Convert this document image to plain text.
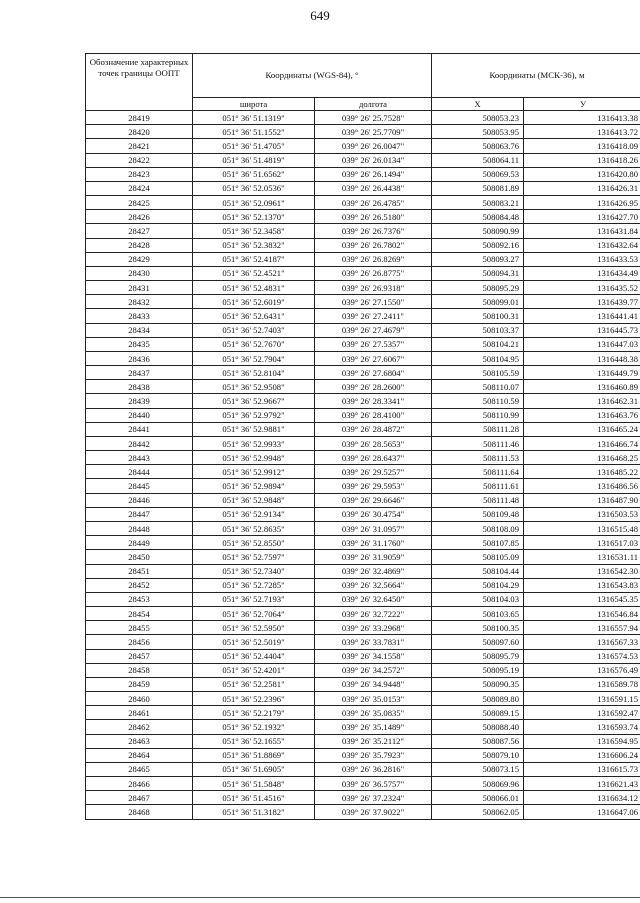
649
Обозначение характерных точек границы ООПТ	Координаты (WGS-84), °		Координаты (МСК-36), м	
	широта	долгота	X	У
28419	051° 36' 51.1319"	039° 26' 25.7528"	508053.23	1316413.38
28420	051° 36' 51.1552"	039° 26' 25.7709"	508053.95	1316413.72
28421	051° 36' 51.4705"	039° 26' 26.0047"	508063.76	1316418.09
28422	051° 36' 51.4819"	039° 26' 26.0134"	508064.11	1316418.26
28423	051° 36' 51.6562"	039° 26' 26.1494"	508069.53	1316420.80
28424	051° 36' 52.0536"	039° 26' 26.4438"	508081.89	1316426.31
28425	051° 36' 52.0961"	039° 26' 26.4785"	508083.21	1316426.95
28426	051° 36' 52.1370"	039° 26' 26.5180"	508084.48	1316427.70
28427	051° 36' 52.3458"	039° 26' 26.7376"	508090.99	1316431.84
28428	051° 36' 52.3832"	039° 26' 26.7802"	508092.16	1316432.64
28429	051° 36' 52.4187"	039° 26' 26.8269"	508093.27	1316433.53
28430	051° 36' 52.4521"	039° 26' 26.8775"	508094.31	1316434.49
28431	051° 36' 52.4831"	039° 26' 26.9318"	508095.29	1316435.52
28432	051° 36' 52.6019"	039° 26' 27.1550"	508099.01	1316439.77
28433	051° 36' 52.6431"	039° 26' 27.2411"	508100.31	1316441.41
28434	051° 36' 52.7403"	039° 26' 27.4679"	508103.37	1316445.73
28435	051° 36' 52.7670"	039° 26' 27.5357"	508104.21	1316447.03
28436	051° 36' 52.7904"	039° 26' 27.6067"	508104.95	1316448.38
28437	051° 36' 52.8104"	039° 26' 27.6804"	508105.59	1316449.79
28438	051° 36' 52.9508"	039° 26' 28.2600"	508110.07	1316460.89
28439	051° 36' 52.9667"	039° 26' 28.3341"	508110.59	1316462.31
28440	051° 36' 52.9792"	039° 26' 28.4100"	508110.99	1316463.76
28441	051° 36' 52.9881"	039° 26' 28.4872"	508111.28	1316465.24
28442	051° 36' 52.9933"	039° 26' 28.5653"	508111.46	1316466.74
28443	051° 36' 52.9948"	039° 26' 28.6437"	508111.53	1316468.25
28444	051° 36' 52.9912"	039° 26' 29.5257"	508111.64	1316485.22
28445	051° 36' 52.9894"	039° 26' 29.5953"	508111.61	1316486.56
28446	051° 36' 52.9848"	039° 26' 29.6646"	508111.48	1316487.90
28447	051° 36' 52.9134"	039° 26' 30.4754"	508109.48	1316503.53
28448	051° 36' 52.8635"	039° 26' 31.0957"	508108.09	1316515.48
28449	051° 36' 52.8550"	039° 26' 31.1760"	508107.85	1316517.03
28450	051° 36' 52.7597"	039° 26' 31.9059"	508105.09	1316531.11
28451	051° 36' 52.7340"	039° 26' 32.4869"	508104.44	1316542.30
28452	051° 36' 52.7285"	039° 26' 32.5664"	508104.29	1316543.83
28453	051° 36' 52.7193"	039° 26' 32.6450"	508104.03	1316545.35
28454	051° 36' 52.7064"	039° 26' 32.7222"	508103.65	1316546.84
28455	051° 36' 52.5950"	039° 26' 33.2968"	508100.35	1316557.94
28456	051° 36' 52.5019"	039° 26' 33.7831"	508097.60	1316567.33
28457	051° 36' 52.4404"	039° 26' 34.1558"	508095.79	1316574.53
28458	051° 36' 52.4201"	039° 26' 34.2572"	508095.19	1316576.49
28459	051° 36' 52.2581"	039° 26' 34.9448"	508090.35	1316589.78
28460	051° 36' 52.2396"	039° 26' 35.0153"	508089.80	1316591.15
28461	051° 36' 52.2179"	039° 26' 35.0835"	508089.15	1316592.47
28462	051° 36' 52.1932"	039° 26' 35.1489"	508088.40	1316593.74
28463	051° 36' 52.1655"	039° 26' 35.2112"	508087.56	1316594.95
28464	051° 36' 51.8869"	039° 26' 35.7923"	508079.10	1316606.24
28465	051° 36' 51.6905"	039° 26' 36.2816"	508073.15	1316615.73
28466	051° 36' 51.5848"	039° 26' 36.5757"	508069.96	1316621.43
28467	051° 36' 51.4516"	039° 26' 37.2324"	508066.01	1316634.12
28468	051° 36' 51.3182"	039° 26' 37.9022"	508062.05	1316647.06
